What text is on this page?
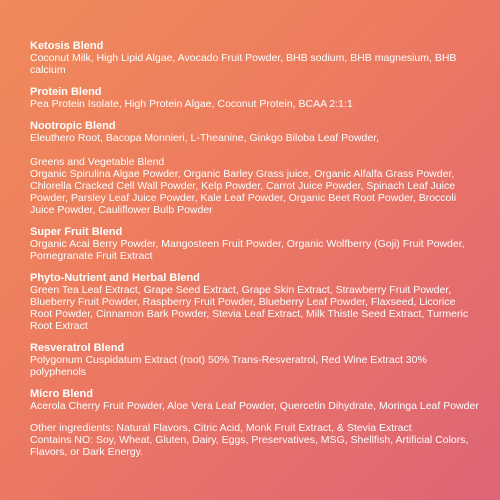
Ketosis Blend

Coconut Milk, High Lipid Algae, Avocado Fruit Powder, BHB sodium, BHB magnesium, BHB calcium

Protein Blend

Pea Protein Isolate, High Protein Algae, Coconut Protein, BCAA 2:1:1

Nootropic Blend

Eleuthero Root, Bacopa Monnieri, L-Theanine, Ginkgo Biloba Leaf Powder,

Greens and Vegetable Blend

Organic Spirulina Algae Powder, Organic Barley Grass juice, Organic Alfalfa Grass Powder, Chlorella Cracked Cell Wall Powder, Kelp Powder, Carrot Juice Powder, Spinach Leaf Juice Powder, Parsley Leaf Juice Powder, Kale Leaf Powder, Organic Beet Root Powder, Broccoli Juice Powder, Cauliflower Bulb Powder

Super Fruit Blend

Organic Acai Berry Powder, Mangosteen Fruit Powder, Organic Wolfberry (Goji) Fruit Powder, Pomegranate Fruit Extract

Phyto-Nutrient and Herbal Blend

Green Tea Leaf Extract, Grape Seed Extract, Grape Skin Extract, Strawberry Fruit Powder, Blueberry Fruit Powder, Raspberry Fruit Powder, Blueberry Leaf Powder, Flaxseed, Licorice Root Powder, Cinnamon Bark Powder, Stevia Leaf Extract, Milk Thistle Seed Extract, Turmeric Root Extract

Resveratrol Blend

Polygonum Cuspidatum Extract (root) 50% Trans-Resveratrol, Red Wine Extract 30% polyphenols

Micro Blend

Acerola Cherry Fruit Powder, Aloe Vera Leaf Powder, Quercetin Dihydrate, Moringa Leaf Powder

Other ingredients: Natural Flavors, Citric Acid, Monk Fruit Extract, & Stevia Extract

Contains NO: Soy, Wheat, Gluten, Dairy, Eggs, Preservatives, MSG, Shellfish, Artificial Colors, Flavors, or Dark Energy.
